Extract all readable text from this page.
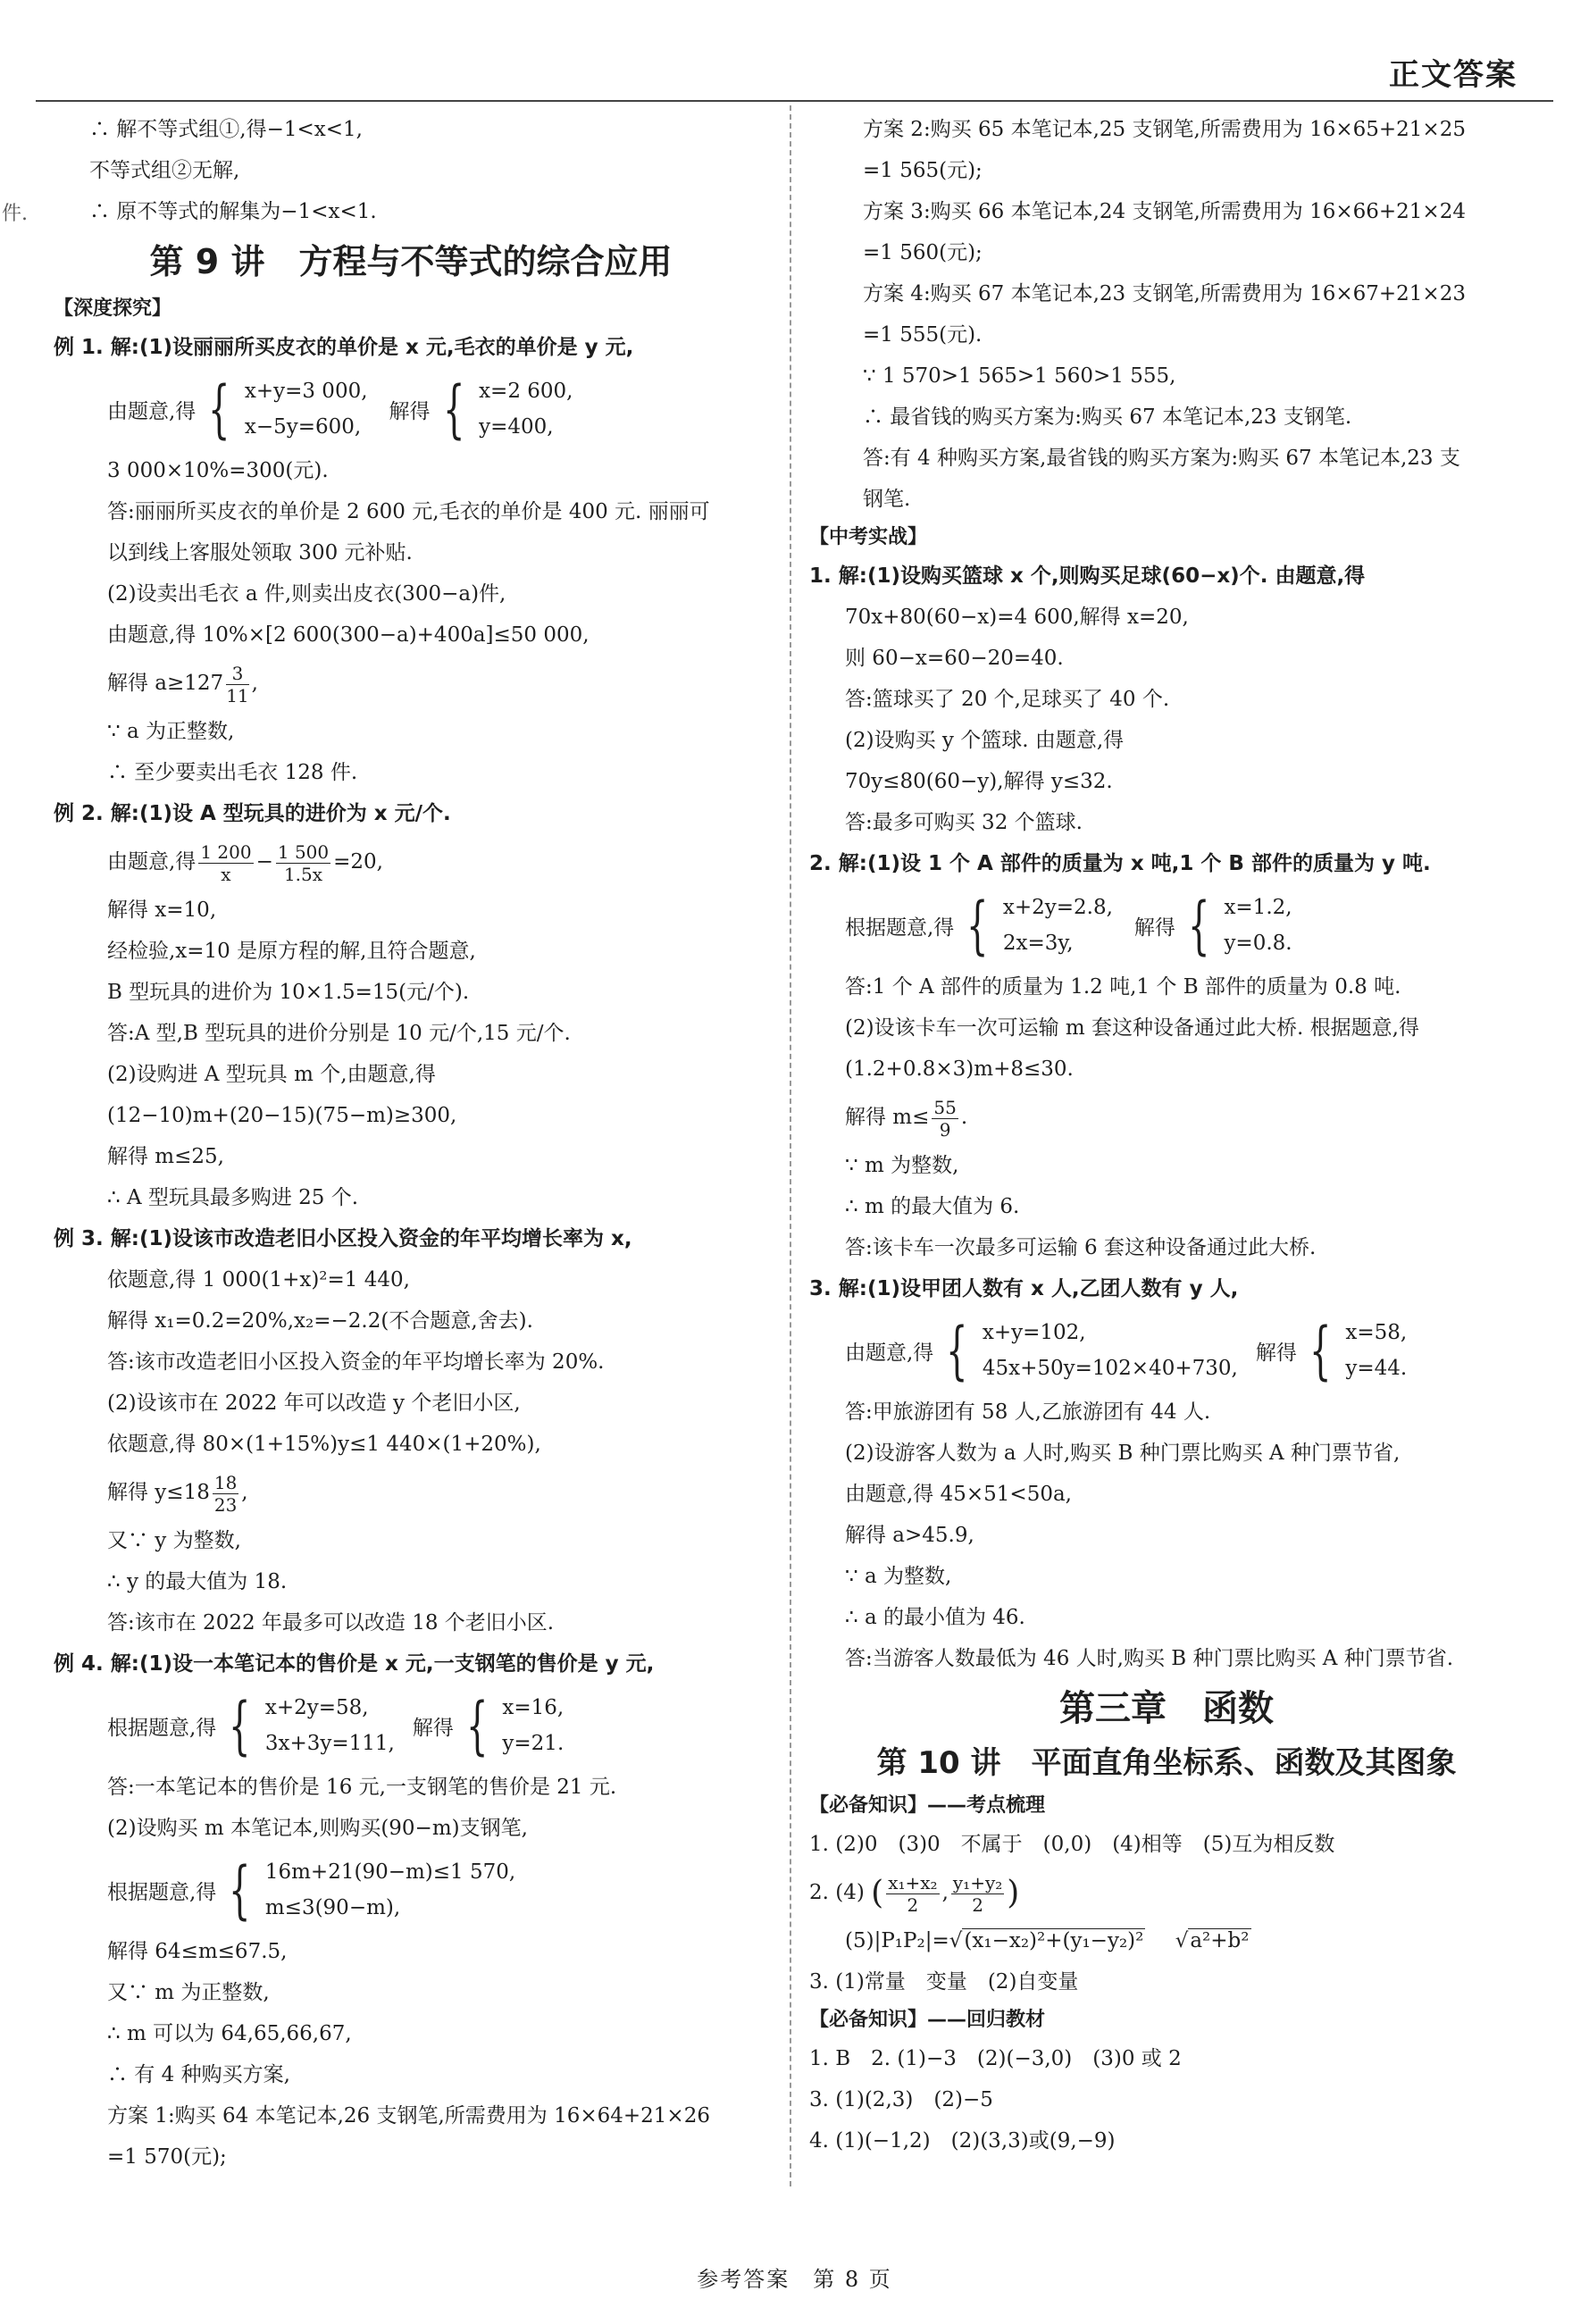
正文答案
件.
∴ 解不等式组①,得−1<x<1,
不等式组②无解,
∴ 原不等式的解集为−1<x<1.
第 9 讲　方程与不等式的综合应用
【深度探究】
例 1. 解:(1)设丽丽所买皮衣的单价是 x 元,毛衣的单价是 y 元,
由题意,得 { x+y=3 000,
x−5y=600,
解得 { x=2 600,
y=400,
3 000×10%=300(元).
答:丽丽所买皮衣的单价是 2 600 元,毛衣的单价是 400 元. 丽丽可
以到线上客服处领取 300 元补贴.
(2)设卖出毛衣 a 件,则卖出皮衣(300−a)件,
由题意,得 10%×[2 600(300−a)+400a]≤50 000,
解得 $a\ge 127 \frac{3}{11}$ ,
∵ a 为正整数,
∴ 至少要卖出毛衣 128 件.
例 2. 解:(1)设 A 型玩具的进价为 x 元/个.
由题意,得 $\frac{1 200}{x} - \frac{1 500}{1.5x} =20$,
解得 x=10,
经检验,x=10 是原方程的解,且符合题意,
B 型玩具的进价为 10×1.5=15(元/个).
答:A 型,B 型玩具的进价分别是 10 元/个,15 元/个.
(2)设购进 A 型玩具 m 个,由题意,得
(12−10)m+(20−15)(75−m)≥300,
解得 m≤25,
∴ A 型玩具最多购进 25 个.
例 3. 解:(1)设该市改造老旧小区投入资金的年平均增长率为 x,
依题意,得 1 000(1+x)²=1 440,
解得 x₁=0.2=20%,x₂=−2.2(不合题意,舍去).
答:该市改造老旧小区投入资金的年平均增长率为 20%.
(2)设该市在 2022 年可以改造 y 个老旧小区,
依题意,得 80×(1+15%)y≤1 440×(1+20%),
解得 $y\le 18 \frac{18}{23}$ ,
又∵ y 为整数,
∴ y 的最大值为 18.
答:该市在 2022 年最多可以改造 18 个老旧小区.
例 4. 解:(1)设一本笔记本的售价是 x 元,一支钢笔的售价是 y 元,
根据题意,得 { x+2y=58,
3x+3y=111,
解得 { x=16,
y=21.
答:一本笔记本的售价是 16 元,一支钢笔的售价是 21 元.
(2)设购买 m 本笔记本,则购买(90−m)支钢笔,
根据题意,得 { 16m+21(90−m)≤1 570,
m≤3(90−m),
解得 64≤m≤67.5,
又∵ m 为正整数,
∴ m 可以为 64,65,66,67,
∴ 有 4 种购买方案,
方案 1:购买 64 本笔记本,26 支钢笔,所需费用为 16×64+21×26
=1 570(元);
方案 2:购买 65 本笔记本,25 支钢笔,所需费用为 16×65+21×25
=1 565(元);
方案 3:购买 66 本笔记本,24 支钢笔,所需费用为 16×66+21×24
=1 560(元);
方案 4:购买 67 本笔记本,23 支钢笔,所需费用为 16×67+21×23
=1 555(元).
∵ 1 570>1 565>1 560>1 555,
∴ 最省钱的购买方案为:购买 67 本笔记本,23 支钢笔.
答:有 4 种购买方案,最省钱的购买方案为:购买 67 本笔记本,23 支
钢笔.
【中考实战】
1. 解:(1)设购买篮球 x 个,则购买足球(60−x)个. 由题意,得
70x+80(60−x)=4 600,解得 x=20,
则 60−x=60−20=40.
答:篮球买了 20 个,足球买了 40 个.
(2)设购买 y 个篮球. 由题意,得
70y≤80(60−y),解得 y≤32.
答:最多可购买 32 个篮球.
2. 解:(1)设 1 个 A 部件的质量为 x 吨,1 个 B 部件的质量为 y 吨.
根据题意,得 { x+2y=2.8,
2x=3y,
解得 { x=1.2,
y=0.8.
答:1 个 A 部件的质量为 1.2 吨,1 个 B 部件的质量为 0.8 吨.
(2)设该卡车一次可运输 m 套这种设备通过此大桥. 根据题意,得
(1.2+0.8×3)m+8≤30.
解得 $m\le \frac{55}{9}$ .
∵ m 为整数,
∴ m 的最大值为 6.
答:该卡车一次最多可运输 6 套这种设备通过此大桥.
3. 解:(1)设甲团人数有 x 人,乙团人数有 y 人,
由题意,得 { x+y=102,
45x+50y=102×40+730,
解得 { x=58,
y=44.
答:甲旅游团有 58 人,乙旅游团有 44 人.
(2)设游客人数为 a 人时,购买 B 种门票比购买 A 种门票节省,
由题意,得 45×51<50a,
解得 a>45.9,
∵ a 为整数,
∴ a 的最小值为 46.
答:当游客人数最低为 46 人时,购买 B 种门票比购买 A 种门票节省.
第三章　函数
第 10 讲　平面直角坐标系、函数及其图象
【必备知识】——考点梳理
1. (2)0　(3)0　不属于　(0,0)　(4)相等　(5)互为相反数
2. (4) ( $\frac{\text{x₁+x₂}}{2}$ , $\frac{\text{y₁+y₂}}{2}$ )
(5)|P₁P₂|=√(x₁−x₂)²+(y₁−y₂)² √a²+b²
3. (1)常量　变量　(2)自变量
【必备知识】——回归教材
1. B　2. (1)−3　(2)(−3,0)　(3)0 或 2
3. (1)(2,3)　(2)−5
4. (1)(−1,2)　(2)(3,3)或(9,−9)
参考答案　第 8 页
